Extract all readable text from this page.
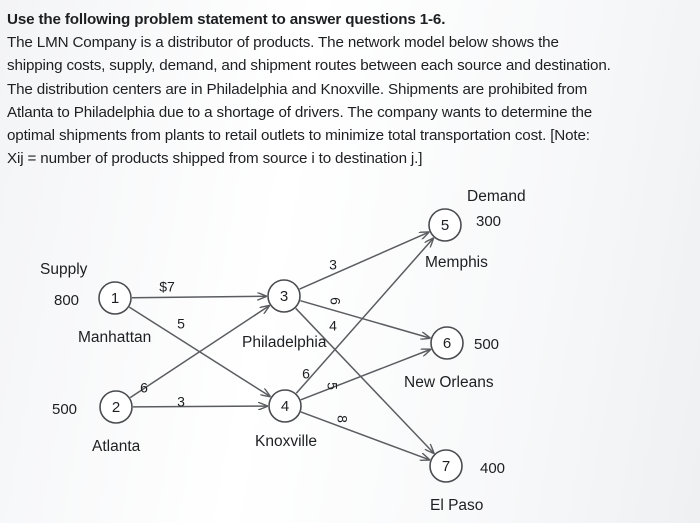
Use the following problem statement to answer questions 1-6.
The LMN Company is a distributor of products. The network model below shows the
shipping costs, supply, demand, and shipment routes between each source and destination.
The distribution centers are in Philadelphia and Knoxville. Shipments are prohibited from
Atlanta to Philadelphia due to a shortage of drivers. The company wants to determine the
optimal shipments from plants to retail outlets to minimize total transportation cost. [Note:
Xij = number of products shipped from source i to destination j.]
$7
5
6
3
3
6
4
6
5
8
1
Manhattan
800
2
Atlanta
500
3
Philadelphia
4
Knoxville
5
Memphis
300
6
New Orleans
500
7
El Paso
400
Supply
Demand
